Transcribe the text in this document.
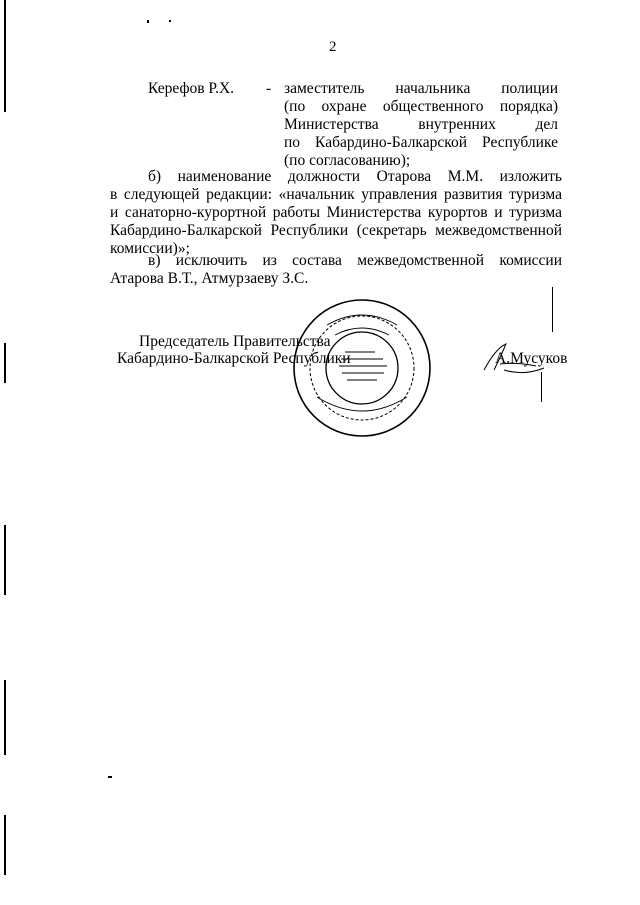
2
Керефов Р.Х. - заместитель начальника полиции
(по охране общественного порядка)
Министерства внутренних дел
по Кабардино-Балкарской Республике
(по согласованию);
б) наименование должности Отарова М.М. изложить
в следующей редакции: «начальник управления развития туризма
и санаторно-курортной работы Министерства курортов и туризма
Кабардино-Балкарской Республики (секретарь межведомственной
комиссии)»;
в) исключить из состава межведомственной комиссии
Атарова В.Т., Атмурзаеву З.С.
Председатель Правительства
Кабардино-Балкарской Республики	А.Мусуков
